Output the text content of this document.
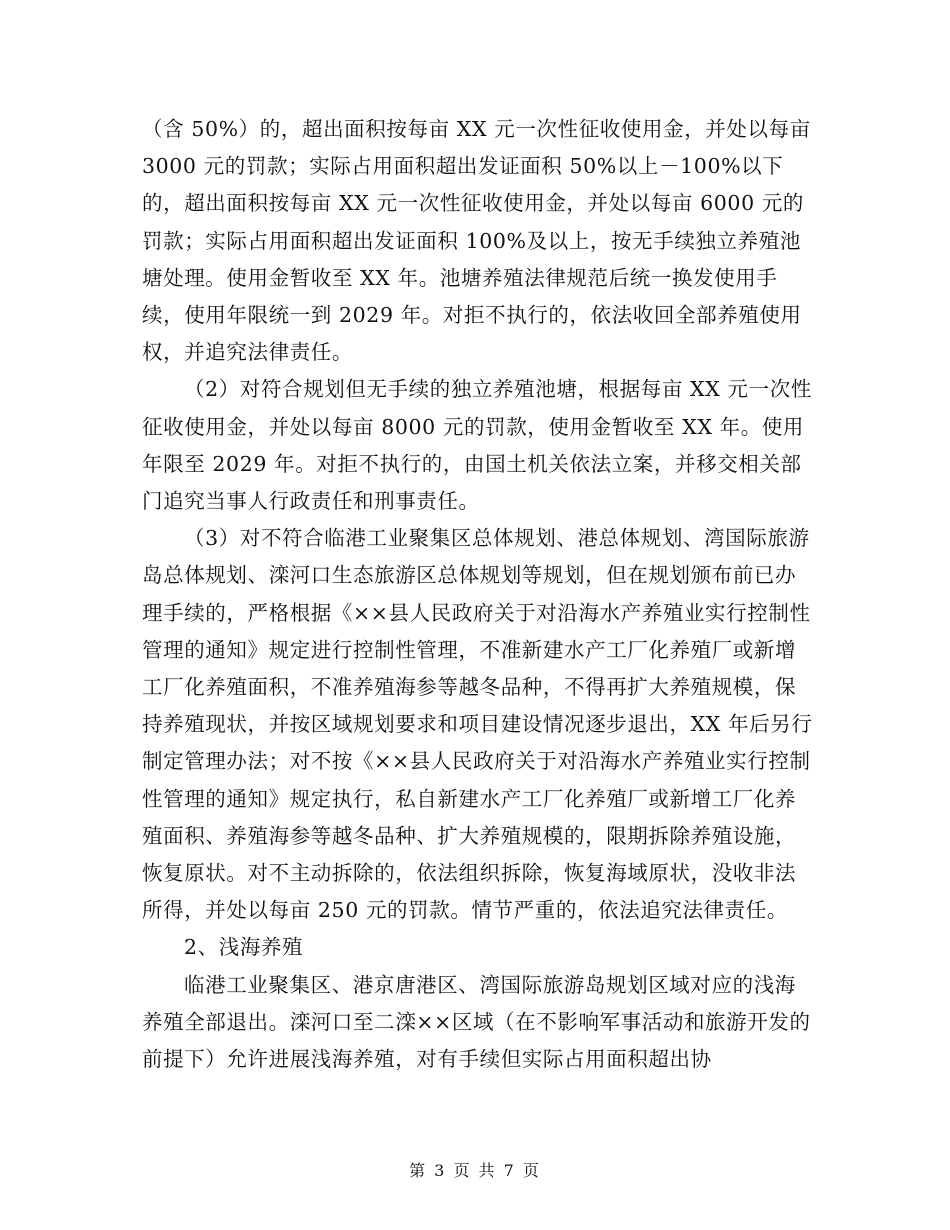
（含 50%）的，超出面积按每亩 XX 元一次性征收使用金，并处以每亩3000 元的罚款；实际占用面积超出发证面积 50%以上－100%以下的，超出面积按每亩 XX 元一次性征收使用金，并处以每亩 6000 元的罚款；实际占用面积超出发证面积 100%及以上，按无手续独立养殖池塘处理。使用金暂收至 XX 年。池塘养殖法律规范后统一换发使用手续，使用年限统一到 2029 年。对拒不执行的，依法收回全部养殖使用权，并追究法律责任。

（2）对符合规划但无手续的独立养殖池塘，根据每亩 XX 元一次性征收使用金，并处以每亩 8000 元的罚款，使用金暂收至 XX 年。使用年限至 2029 年。对拒不执行的，由国土机关依法立案，并移交相关部门追究当事人行政责任和刑事责任。

（3）对不符合临港工业聚集区总体规划、港总体规划、湾国际旅游岛总体规划、滦河口生态旅游区总体规划等规划，但在规划颁布前已办理手续的，严格根据《××县人民政府关于对沿海水产养殖业实行控制性管理的通知》规定进行控制性管理，不准新建水产工厂化养殖厂或新增工厂化养殖面积，不准养殖海参等越冬品种，不得再扩大养殖规模，保持养殖现状，并按区域规划要求和项目建设情况逐步退出，XX 年后另行制定管理办法；对不按《××县人民政府关于对沿海水产养殖业实行控制性管理的通知》规定执行，私自新建水产工厂化养殖厂或新增工厂化养殖面积、养殖海参等越冬品种、扩大养殖规模的，限期拆除养殖设施，恢复原状。对不主动拆除的，依法组织拆除，恢复海域原状，没收非法所得，并处以每亩 250 元的罚款。情节严重的，依法追究法律责任。

2、浅海养殖

临港工业聚集区、港京唐港区、湾国际旅游岛规划区域对应的浅海养殖全部退出。滦河口至二滦××区域（在不影响军事活动和旅游开发的前提下）允许进展浅海养殖，对有手续但实际占用面积超出协

第 3 页 共 7 页
